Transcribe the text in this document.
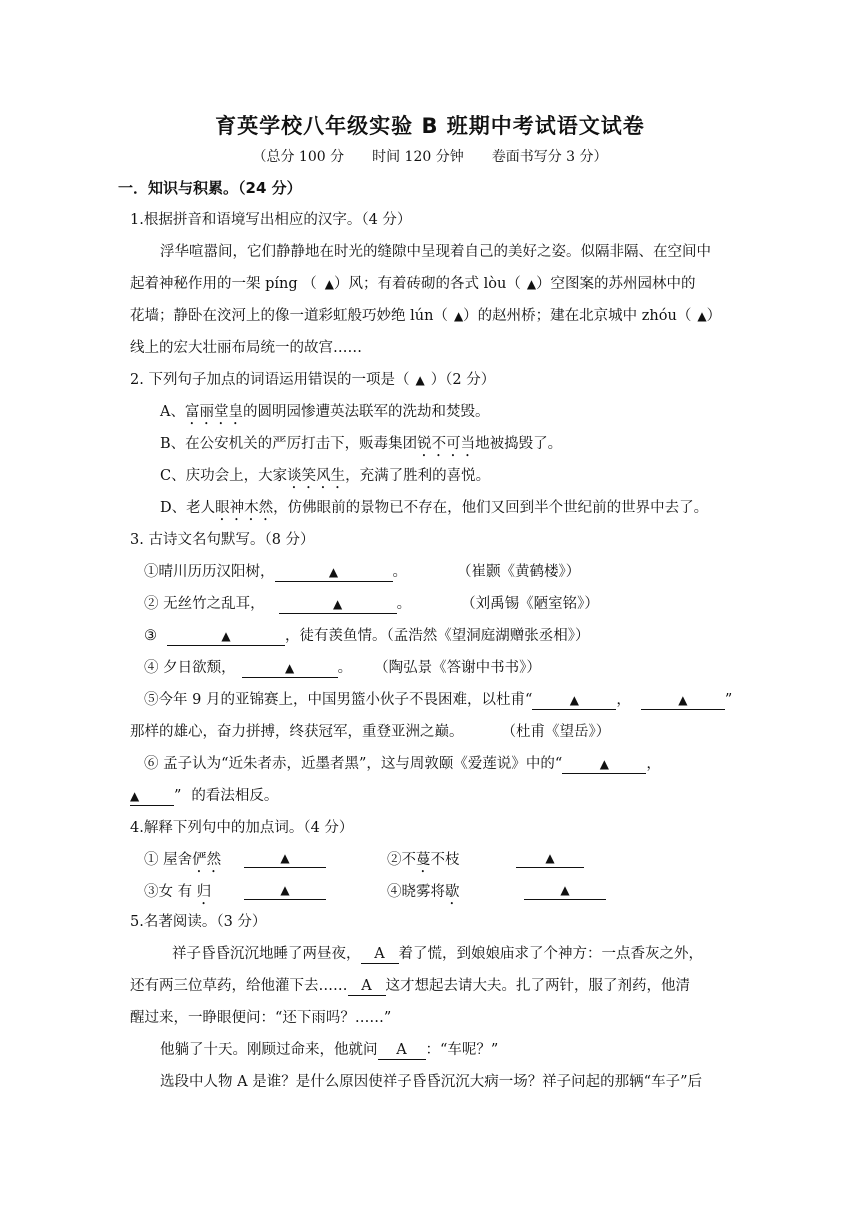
育英学校八年级实验 B 班期中考试语文试卷
（总分 100 分 时间 120 分钟 卷面书写分 3 分）
一．知识与积累。（24 分）
1.根据拼音和语境写出相应的汉字。（4 分）
浮华喧嚣间，它们静静地在时光的缝隙中呈现着自己的美好之姿。似隔非隔、在空间中
起着神秘作用的一架 píng （ ▲）风；有着砖砌的各式 lòu（ ▲）空图案的苏州园林中的
花墙；静卧在洨河上的像一道彩虹般巧妙绝 lún（ ▲）的赵州桥；建在北京城中 zhóu（ ▲）
线上的宏大壮丽布局统一的故宫……
2. 下列句子加点的词语运用错误的一项是（ ▲ ）（2 分）
A、富丽堂皇的圆明园惨遭英法联军的洗劫和焚毁。
B、在公安机关的严厉打击下，贩毒集团锐不可当地被捣毁了。
C、庆功会上，大家谈笑风生，充满了胜利的喜悦。
D、老人眼神木然，仿佛眼前的景物已不存在，他们又回到半个世纪前的世界中去了。
3. 古诗文名句默写。（8 分）
①晴川历历汉阳树，	▲	。	（崔颢《黄鹤楼》）
② 无丝竹之乱耳，	▲	。	（刘禹锡《陋室铭》）
③	▲	，徒有羡鱼情。（孟浩然《望洞庭湖赠张丞相》）
④ 夕日欲颓，	▲	。 （陶弘景《答谢中书书》）
⑤今年 9 月的亚锦赛上，中国男篮小伙子不畏困难，以杜甫“	▲	，	▲	”
那样的雄心，奋力拼搏，终获冠军，重登亚洲之巅。	（杜甫《望岳》）
⑥ 孟子认为“近朱者赤，近墨者黑”，这与周敦颐《爱莲说》中的“	▲	，
▲ ” 的看法相反。
4.解释下列句中的加点词。（4 分）
① 屋舍俨然	▲	②不蔓不枝	▲
③女 有 归	▲	④晓雾将歇	▲
5.名著阅读。（3 分）
祥子昏昏沉沉地睡了两昼夜， A 着了慌，到娘娘庙求了个神方：一点香灰之外，
还有两三位草药，给他灌下去…… A 这才想起去请大夫。扎了两针，服了剂药，他清
醒过来，一睁眼便问：“还下雨吗？……”
他躺了十天。刚顾过命来，他就问 A ：“车呢？”
选段中人物 A 是谁？是什么原因使祥子昏昏沉沉大病一场？祥子问起的那辆“车子”后
